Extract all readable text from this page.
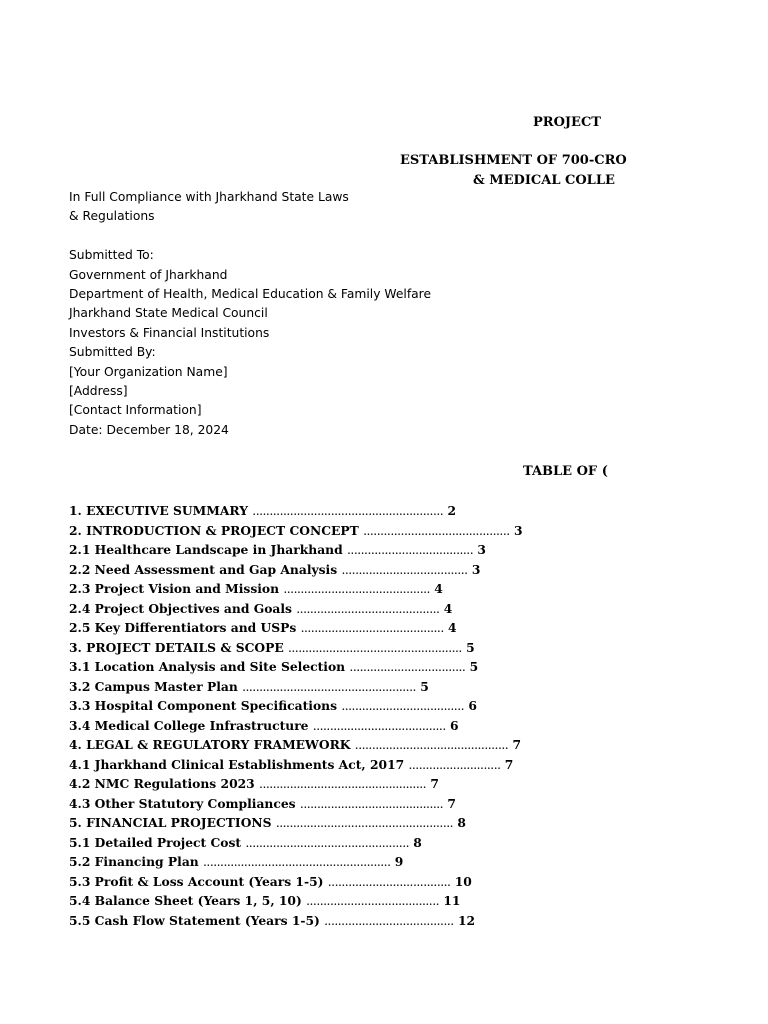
PROJECT
ESTABLISHMENT OF 700-CRO
& MEDICAL COLLE
In Full Compliance with Jharkhand State Laws
& Regulations
Submitted To:
Government of Jharkhand
Department of Health, Medical Education & Family Welfare
Jharkhand State Medical Council
Investors & Financial Institutions
Submitted By:
[Your Organization Name]
[Address]
[Contact Information]
Date: December 18, 2024
TABLE OF (
1. EXECUTIVE SUMMARY ........................................................ 2
2. INTRODUCTION & PROJECT CONCEPT ........................................... 3
2.1 Healthcare Landscape in Jharkhand ..................................... 3
2.2 Need Assessment and Gap Analysis ..................................... 3
2.3 Project Vision and Mission ........................................... 4
2.4 Project Objectives and Goals .......................................... 4
2.5 Key Differentiators and USPs .......................................... 4
3. PROJECT DETAILS & SCOPE ................................................... 5
3.1 Location Analysis and Site Selection .................................. 5
3.2 Campus Master Plan ................................................... 5
3.3 Hospital Component Specifications .................................... 6
3.4 Medical College Infrastructure ....................................... 6
4. LEGAL & REGULATORY FRAMEWORK ............................................. 7
4.1 Jharkhand Clinical Establishments Act, 2017 ........................... 7
4.2 NMC Regulations 2023 ................................................. 7
4.3 Other Statutory Compliances .......................................... 7
5. FINANCIAL PROJECTIONS .................................................... 8
5.1 Detailed Project Cost ................................................ 8
5.2 Financing Plan ....................................................... 9
5.3 Profit & Loss Account (Years 1-5) .................................... 10
5.4 Balance Sheet (Years 1, 5, 10) ....................................... 11
5.5 Cash Flow Statement (Years 1-5) ...................................... 12
